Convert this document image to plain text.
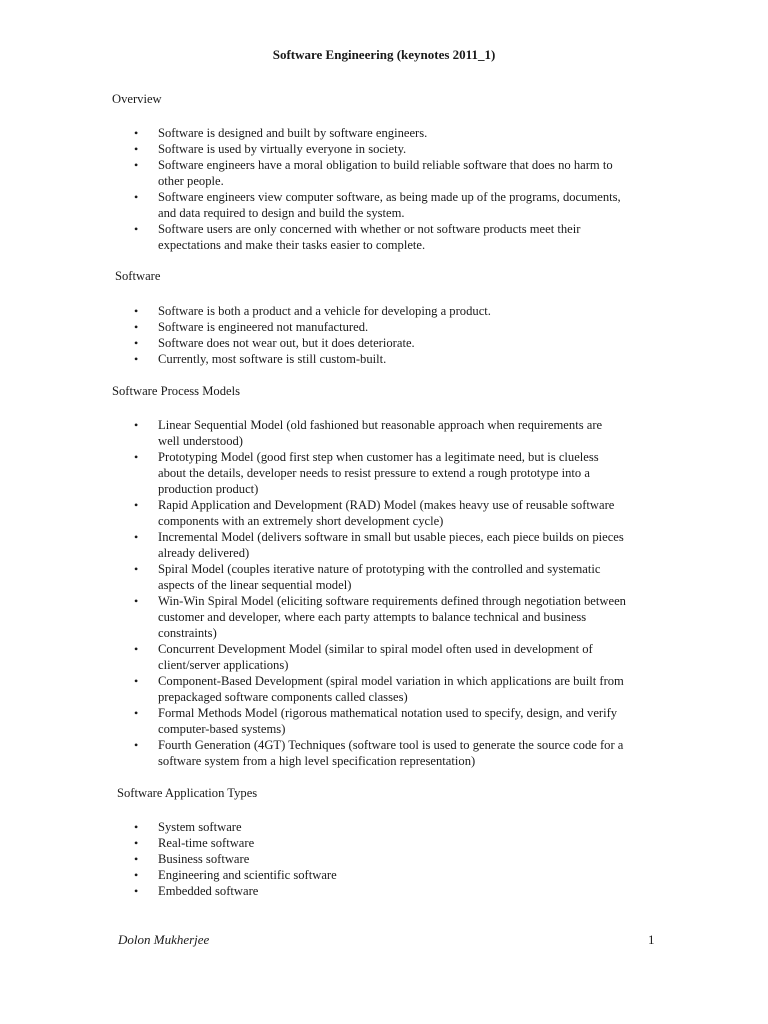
Software Engineering (keynotes 2011_1)
Overview
• Software is designed and built by software engineers.
• Software is used by virtually everyone in society.
• Software engineers have a moral obligation to build reliable software that does no harm to other people.
• Software engineers view computer software, as being made up of the programs, documents, and data required to design and build the system.
• Software users are only concerned with whether or not software products meet their expectations and make their tasks easier to complete.
Software
• Software is both a product and a vehicle for developing a product.
• Software is engineered not manufactured.
• Software does not wear out, but it does deteriorate.
• Currently, most software is still custom-built.
Software Process Models
• Linear Sequential Model (old fashioned but reasonable approach when requirements are well understood)
• Prototyping Model (good first step when customer has a legitimate need, but is clueless about the details, developer needs to resist pressure to extend a rough prototype into a production product)
• Rapid Application and Development (RAD) Model (makes heavy use of reusable software components with an extremely short development cycle)
• Incremental Model (delivers software in small but usable pieces, each piece builds on pieces already delivered)
• Spiral Model (couples iterative nature of prototyping with the controlled and systematic aspects of the linear sequential model)
• Win-Win Spiral Model (eliciting software requirements defined through negotiation between customer and developer, where each party attempts to balance technical and business constraints)
• Concurrent Development Model (similar to spiral model often used in development of client/server applications)
• Component-Based Development (spiral model variation in which applications are built from prepackaged software components called classes)
• Formal Methods Model (rigorous mathematical notation used to specify, design, and verify computer-based systems)
• Fourth Generation (4GT) Techniques (software tool is used to generate the source code for a software system from a high level specification representation)
Software Application Types
• System software
• Real-time software
• Business software
• Engineering and scientific software
• Embedded software
Dolon Mukherjee	1
